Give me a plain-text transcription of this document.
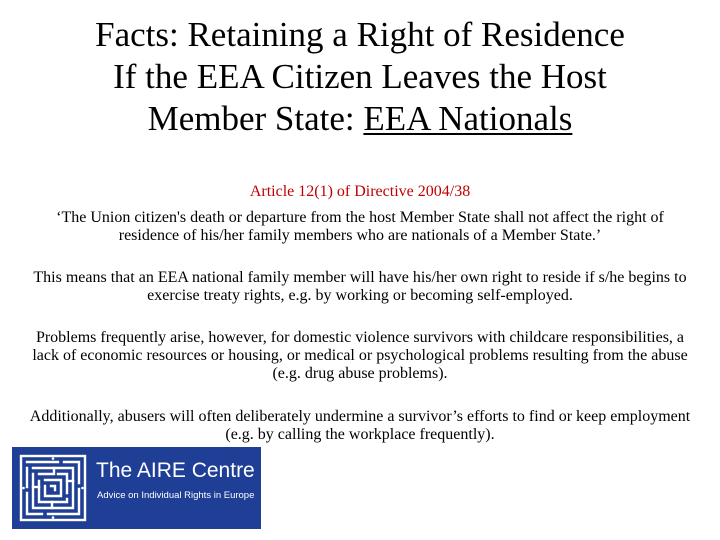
Facts: Retaining a Right of Residence
If the EEA Citizen Leaves the Host
Member State: EEA Nationals

Article 12(1) of Directive 2004/38

‘The Union citizen's death or departure from the host Member State shall not affect the right of residence of his/her family members who are nationals of a Member State.’

This means that an EEA national family member will have his/her own right to reside if s/he begins to exercise treaty rights, e.g. by working or becoming self-employed.

Problems frequently arise, however, for domestic violence survivors with childcare responsibilities, a lack of economic resources or housing, or medical or psychological problems resulting from the abuse (e.g. drug abuse problems).

Additionally, abusers will often deliberately undermine a survivor’s efforts to find or keep employment (e.g. by calling the workplace frequently).

The AIRE Centre

Advice on Individual Rights in Europe
